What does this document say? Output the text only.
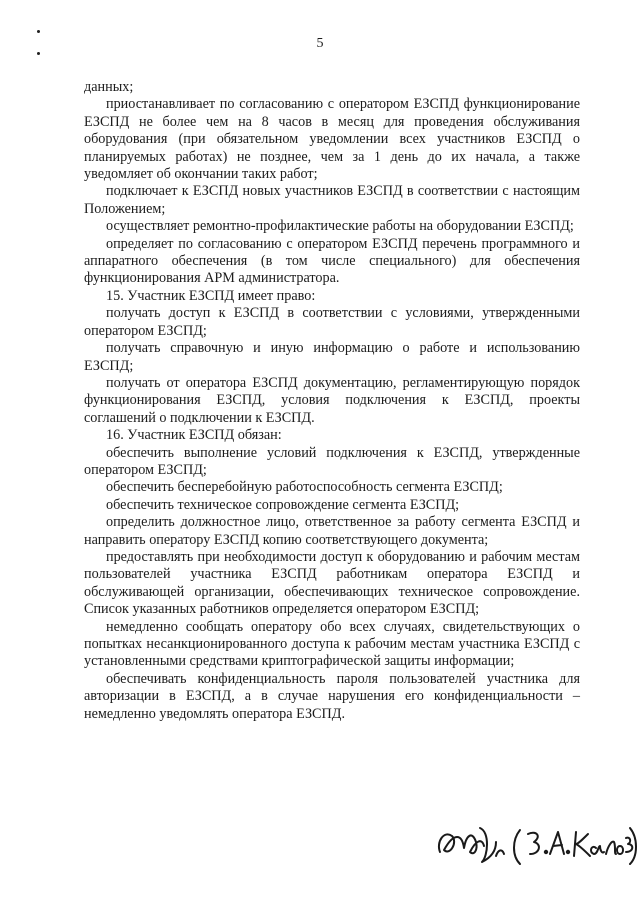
5

данных;

приостанавливает по согласованию с оператором ЕЗСПД функционирование ЕЗСПД не более чем на 8 часов в месяц для проведения обслуживания оборудования (при обязательном уведомлении всех участников ЕЗСПД о планируемых работах) не позднее, чем за 1 день до их начала, а также уведомляет об окончании таких работ;

подключает к ЕЗСПД новых участников ЕЗСПД в соответствии с настоящим Положением;

осуществляет ремонтно-профилактические работы на оборудовании ЕЗСПД;

определяет по согласованию с оператором ЕЗСПД перечень программного и аппаратного обеспечения (в том числе специального) для обеспечения функционирования АРМ администратора.

15. Участник ЕЗСПД имеет право:

получать доступ к ЕЗСПД в соответствии с условиями, утвержденными оператором ЕЗСПД;

получать справочную и иную информацию о работе и использованию ЕЗСПД;

получать от оператора ЕЗСПД документацию, регламентирующую порядок функционирования ЕЗСПД, условия подключения к ЕЗСПД, проекты соглашений о подключении к ЕЗСПД.

16. Участник ЕЗСПД обязан:

обеспечить выполнение условий подключения к ЕЗСПД, утвержденные оператором ЕЗСПД;

обеспечить бесперебойную работоспособность сегмента ЕЗСПД;

обеспечить техническое сопровождение сегмента ЕЗСПД;

определить должностное лицо, ответственное за работу сегмента ЕЗСПД и направить оператору ЕЗСПД копию соответствующего документа;

предоставлять при необходимости доступ к оборудованию и рабочим местам пользователей участника ЕЗСПД работникам оператора ЕЗСПД и обслуживающей организации, обеспечивающих техническое сопровождение. Список указанных работников определяется оператором ЕЗСПД;

немедленно сообщать оператору обо всех случаях, свидетельствующих о попытках несанкционированного доступа к рабочим местам участника ЕЗСПД с установленными средствами криптографической защиты информации;

обеспечивать конфиденциальность пароля пользователей участника для авторизации в ЕЗСПД, а в случае нарушения его конфиденциальности – немедленно уведомлять оператора ЕЗСПД.
